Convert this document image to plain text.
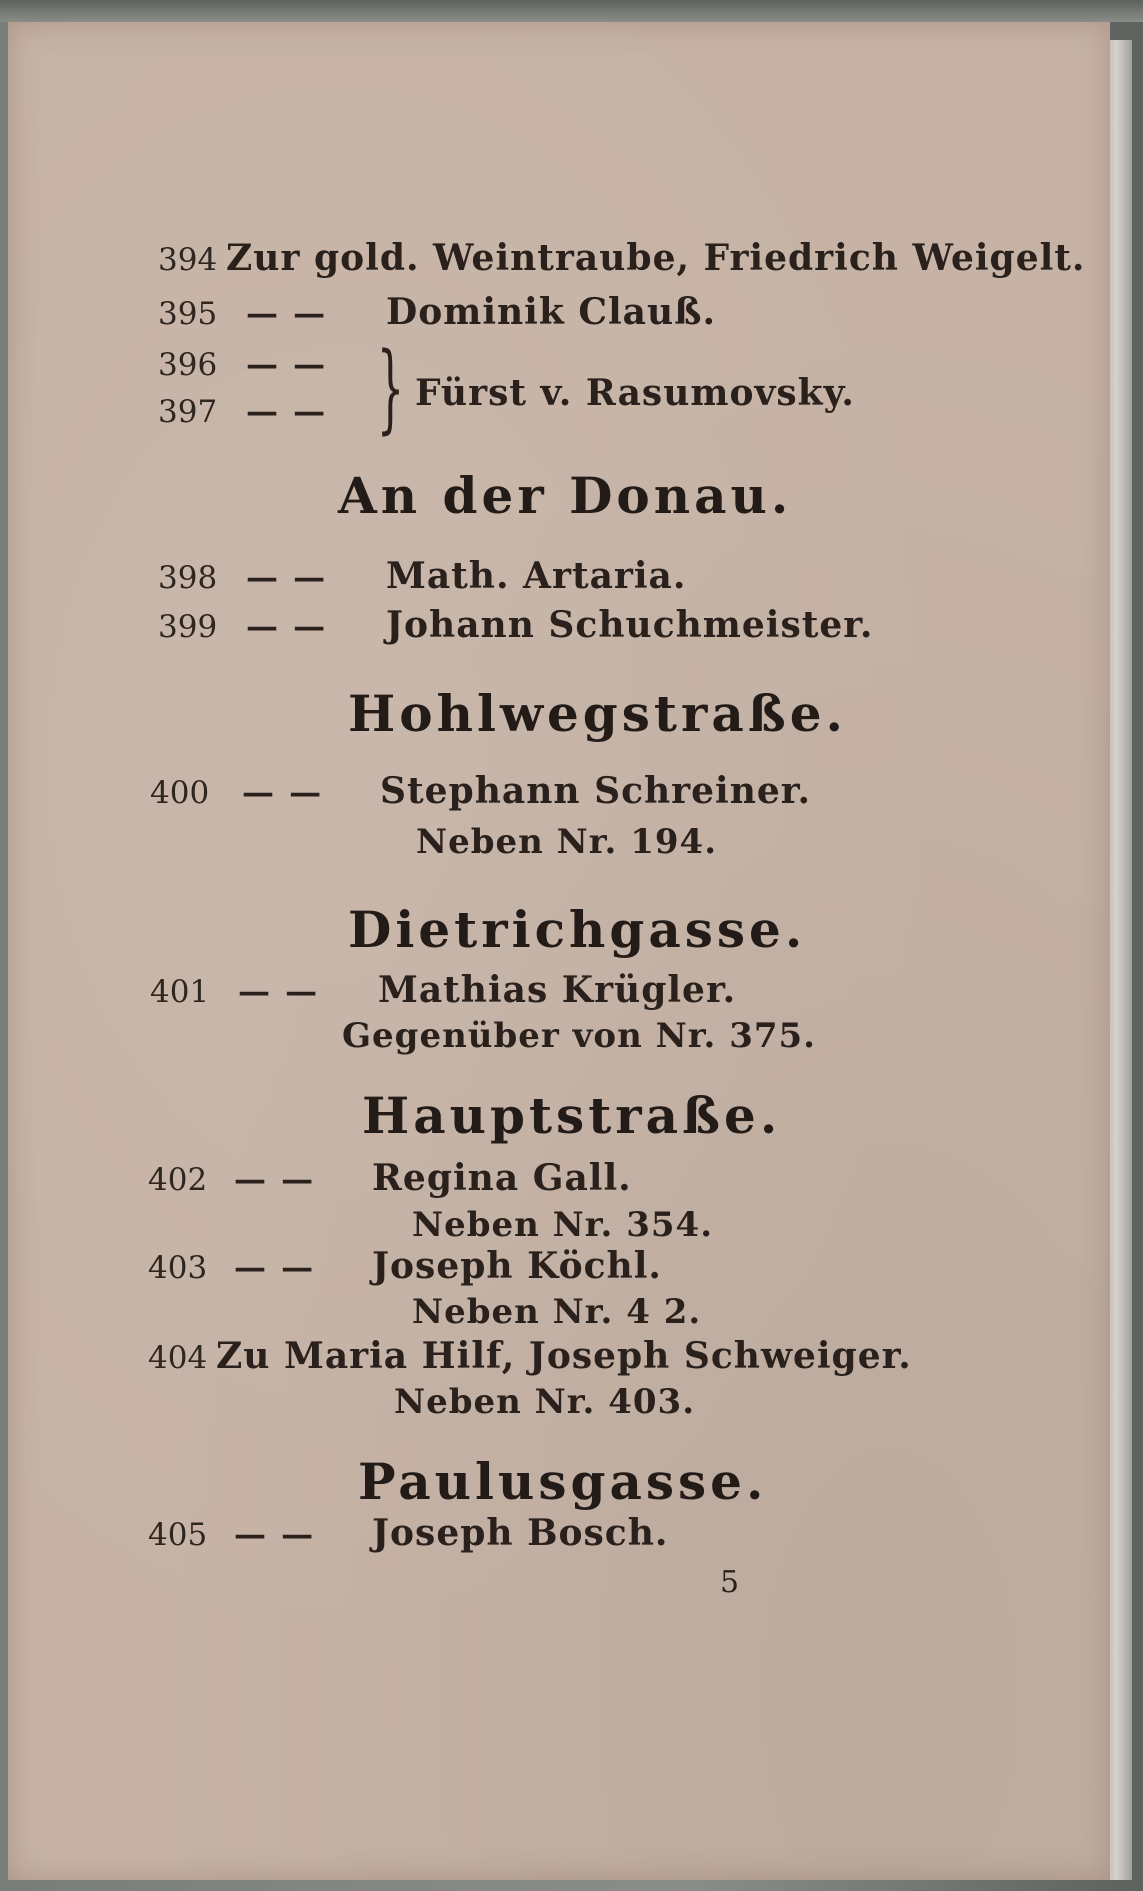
394 Zur gold. Weintraube, Friedrich Weigelt.
395 — — Dominik Clauß.
396 — —
397 — — } Fürst v. Rasumovsky.
An der Donau.
398 — — Math. Artaria.
399 — — Johann Schuchmeister.
Hohlwegstraße.
400 — — Stephann Schreiner.
Neben Nr. 194.
Dietrichgasse.
401 — — Mathias Krügler.
Gegenüber von Nr. 375.
Hauptstraße.
402 — — Regina Gall.
Neben Nr. 354.
403 — — Joseph Köchl.
Neben Nr. 4 2.
404 Zu Maria Hilf, Joseph Schweiger.
Neben Nr. 403.
Paulusgasse.
405 — — Joseph Bosch.
5
